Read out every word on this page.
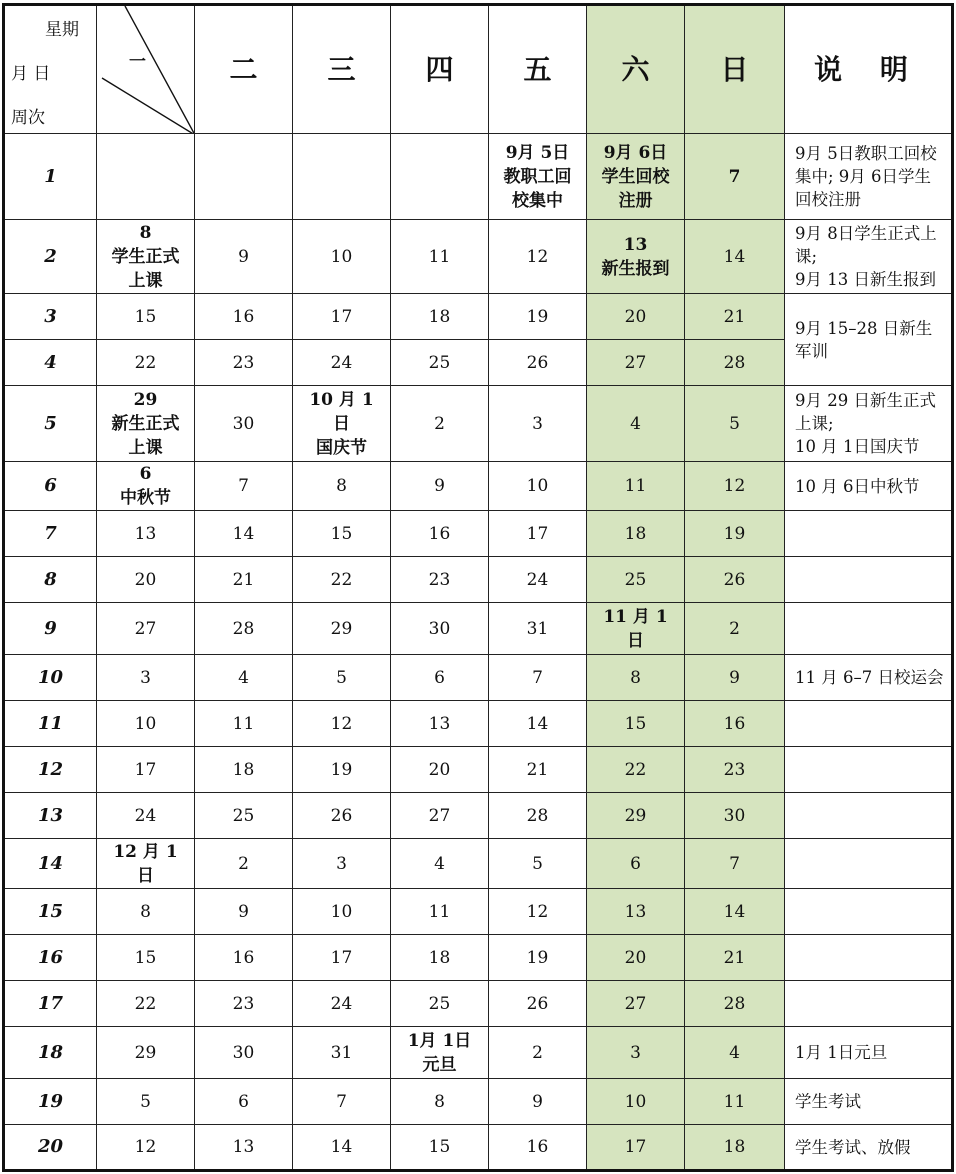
星期
月 日
周次	一	二	三	四	五	六	日	说 明
1					9月 5日
教职工回
校集中	9月 6日
学生回校
注册	7	9月 5日教职工回校集中; 9月 6日学生回校注册
2	8
学生正式
上课	9	10	11	12	13
新生报到	14	9月 8日学生正式上课;
9月 13 日新生报到
3	15	16	17	18	19	20	21	9月 15–28 日新生军训
4	22	23	24	25	26	27	28	
5	29
新生正式
上课	30	10 月 1
日
国庆节	2	3	4	5	9月 29 日新生正式上课;
10 月 1日国庆节
6	6
中秋节	7	8	9	10	11	12	10 月 6日中秋节
7	13	14	15	16	17	18	19	
8	20	21	22	23	24	25	26	
9	27	28	29	30	31	11 月 1
日	2	
10	3	4	5	6	7	8	9	11 月 6–7 日校运会
11	10	11	12	13	14	15	16	
12	17	18	19	20	21	22	23	
13	24	25	26	27	28	29	30	
14	12 月 1
日	2	3	4	5	6	7	
15	8	9	10	11	12	13	14	
16	15	16	17	18	19	20	21	
17	22	23	24	25	26	27	28	
18	29	30	31	1月 1日
元旦	2	3	4	1月 1日元旦
19	5	6	7	8	9	10	11	学生考试
20	12	13	14	15	16	17	18	学生考试、放假
